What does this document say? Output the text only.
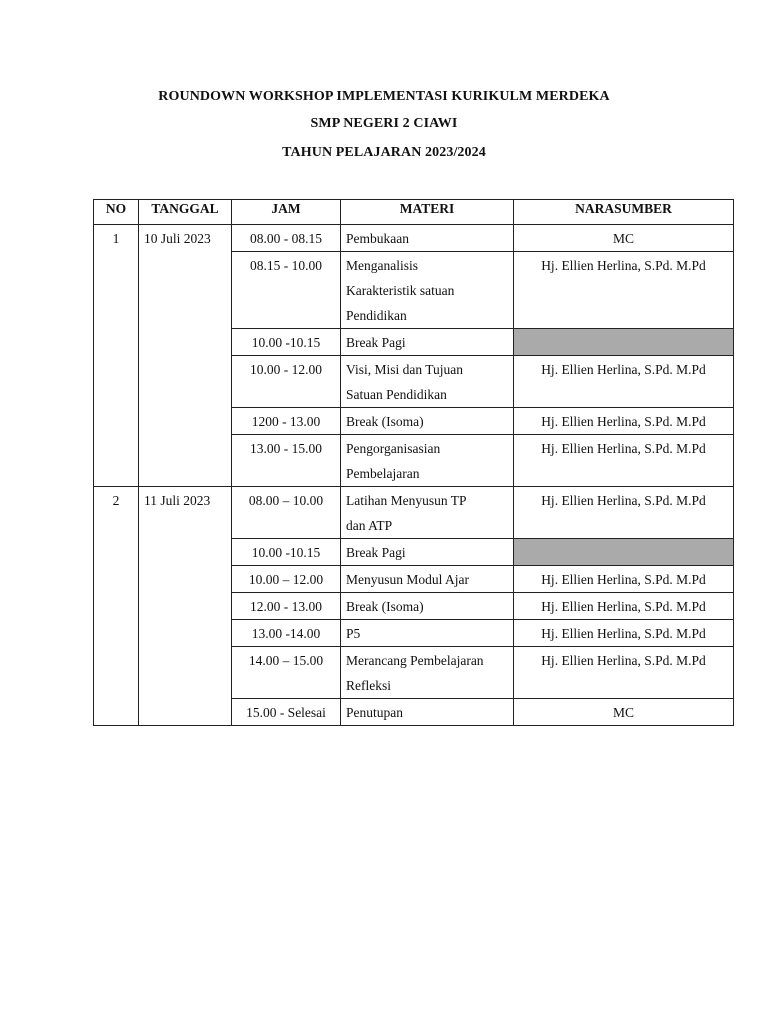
ROUNDOWN WORKSHOP IMPLEMENTASI KURIKULM MERDEKA
SMP NEGERI 2 CIAWI
TAHUN PELAJARAN 2023/2024
NO	TANGGAL	JAM	MATERI	NARASUMBER
1	10 Juli 2023	08.00 - 08.15	Pembukaan	MC
		08.15 - 10.00	Menganalisis
Karakteristik satuan
Pendidikan	Hj. Ellien Herlina, S.Pd. M.Pd
		10.00 -10.15	Break Pagi	

		10.00 - 12.00	Visi, Misi dan Tujuan
Satuan Pendidikan	Hj. Ellien Herlina, S.Pd. M.Pd
		1200 - 13.00	Break (Isoma)	Hj. Ellien Herlina, S.Pd. M.Pd
		13.00 - 15.00	Pengorganisasian
Pembelajaran	Hj. Ellien Herlina, S.Pd. M.Pd
2	11 Juli 2023	08.00 – 10.00	Latihan Menyusun TP
dan ATP	Hj. Ellien Herlina, S.Pd. M.Pd
		10.00 -10.15	Break Pagi	

		10.00 – 12.00	Menyusun Modul Ajar	Hj. Ellien Herlina, S.Pd. M.Pd
		12.00 - 13.00	Break (Isoma)	Hj. Ellien Herlina, S.Pd. M.Pd
		13.00 -14.00	P5	Hj. Ellien Herlina, S.Pd. M.Pd
		14.00 – 15.00	Merancang Pembelajaran
Refleksi	Hj. Ellien Herlina, S.Pd. M.Pd
		15.00 - Selesai	Penutupan	MC
